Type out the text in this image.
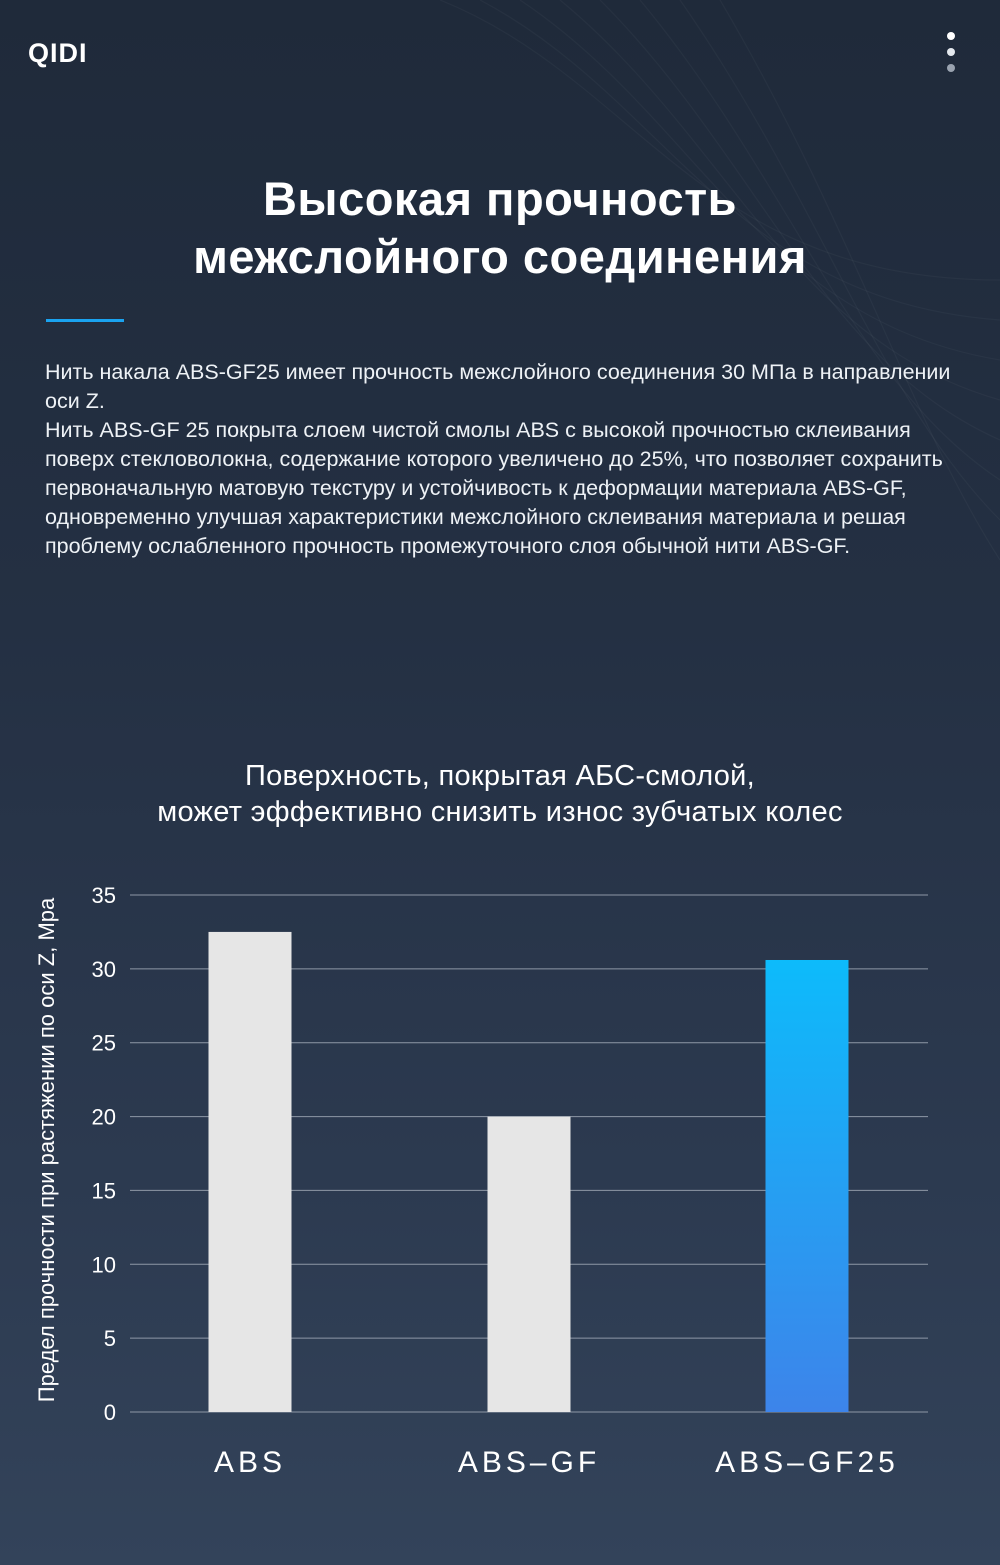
QIDI
Высокая прочность
межслойного соединения

Нить накала ABS-GF25 имеет прочность межслойного соединения 30 МПа в направлении оси Z.

Нить ABS-GF 25 покрыта слоем чистой смолы ABS с высокой прочностью склеивания поверх стекловолокна, содержание которого увеличено до 25%, что позволяет сохранить первоначальную матовую текстуру и устойчивость к деформации материала ABS-GF, одновременно улучшая характеристики межслойного склеивания материала и решая проблему ослабленного прочность промежуточного слоя обычной нити ABS-GF.

Поверхность, покрытая АБС-смолой,
может эффективно снизить износ зубчатых колес
0
5
10
15
20
25
30
35
ABS	ABS–GF	ABS–GF25
Предел прочности при растяжении по оси Z, Мра
